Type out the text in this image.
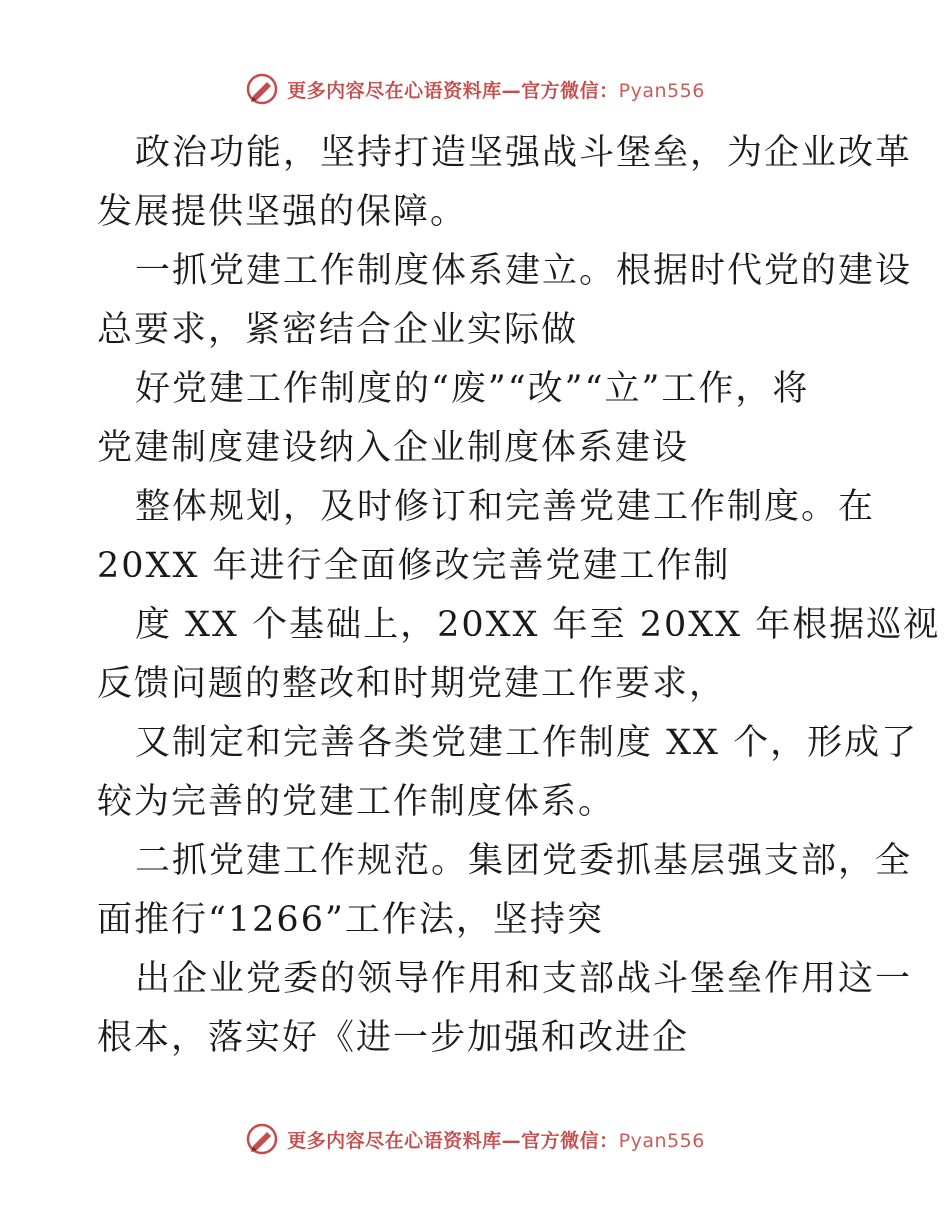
更多内容尽在心语资料库—官方微信：Pyan556
政治功能，坚持打造坚强战斗堡垒，为企业改革
发展提供坚强的保障。
一抓党建工作制度体系建立。根据时代党的建设
总要求，紧密结合企业实际做
好党建工作制度的“废”“改”“立”工作，将
党建制度建设纳入企业制度体系建设
整体规划，及时修订和完善党建工作制度。在
20XX 年进行全面修改完善党建工作制
度 XX 个基础上，20XX 年至 20XX 年根据巡视
反馈问题的整改和时期党建工作要求，
又制定和完善各类党建工作制度 XX 个，形成了
较为完善的党建工作制度体系。
二抓党建工作规范。集团党委抓基层强支部，全
面推行“1266”工作法，坚持突
出企业党委的领导作用和支部战斗堡垒作用这一
根本，落实好《进一步加强和改进企
更多内容尽在心语资料库—官方微信：Pyan556
